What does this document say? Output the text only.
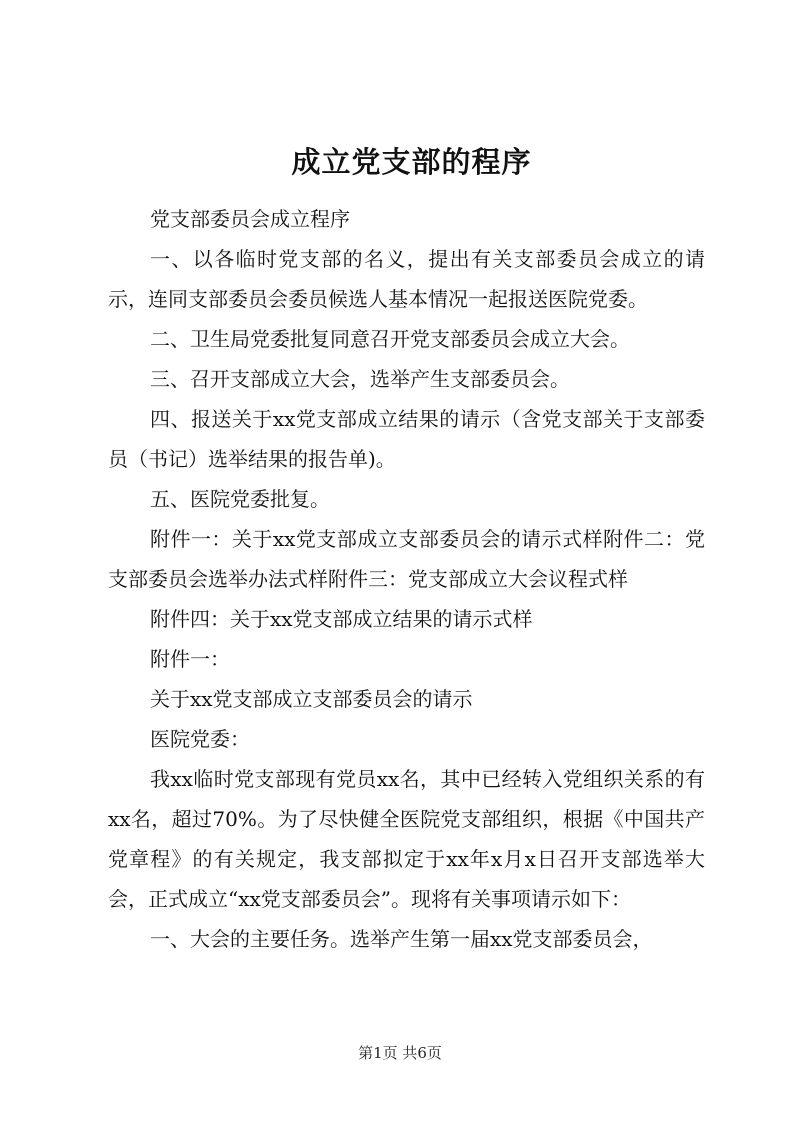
成立党支部的程序

党支部委员会成立程序

一、以各临时党支部的名义，提出有关支部委员会成立的请示，连同支部委员会委员候选人基本情况一起报送医院党委。

二、卫生局党委批复同意召开党支部委员会成立大会。

三、召开支部成立大会，选举产生支部委员会。

四、报送关于xx党支部成立结果的请示（含党支部关于支部委员（书记）选举结果的报告单)。

五、医院党委批复。

附件一：关于xx党支部成立支部委员会的请示式样附件二：党支部委员会选举办法式样附件三：党支部成立大会议程式样

附件四：关于xx党支部成立结果的请示式样

附件一：

关于xx党支部成立支部委员会的请示

医院党委：

我xx临时党支部现有党员xx名，其中已经转入党组织关系的有xx名，超过70%。为了尽快健全医院党支部组织，根据《中国共产党章程》的有关规定，我支部拟定于xx年x月x日召开支部选举大会，正式成立“xx党支部委员会”。现将有关事项请示如下：

一、大会的主要任务。选举产生第一届xx党支部委员会，

第1页 共6页
